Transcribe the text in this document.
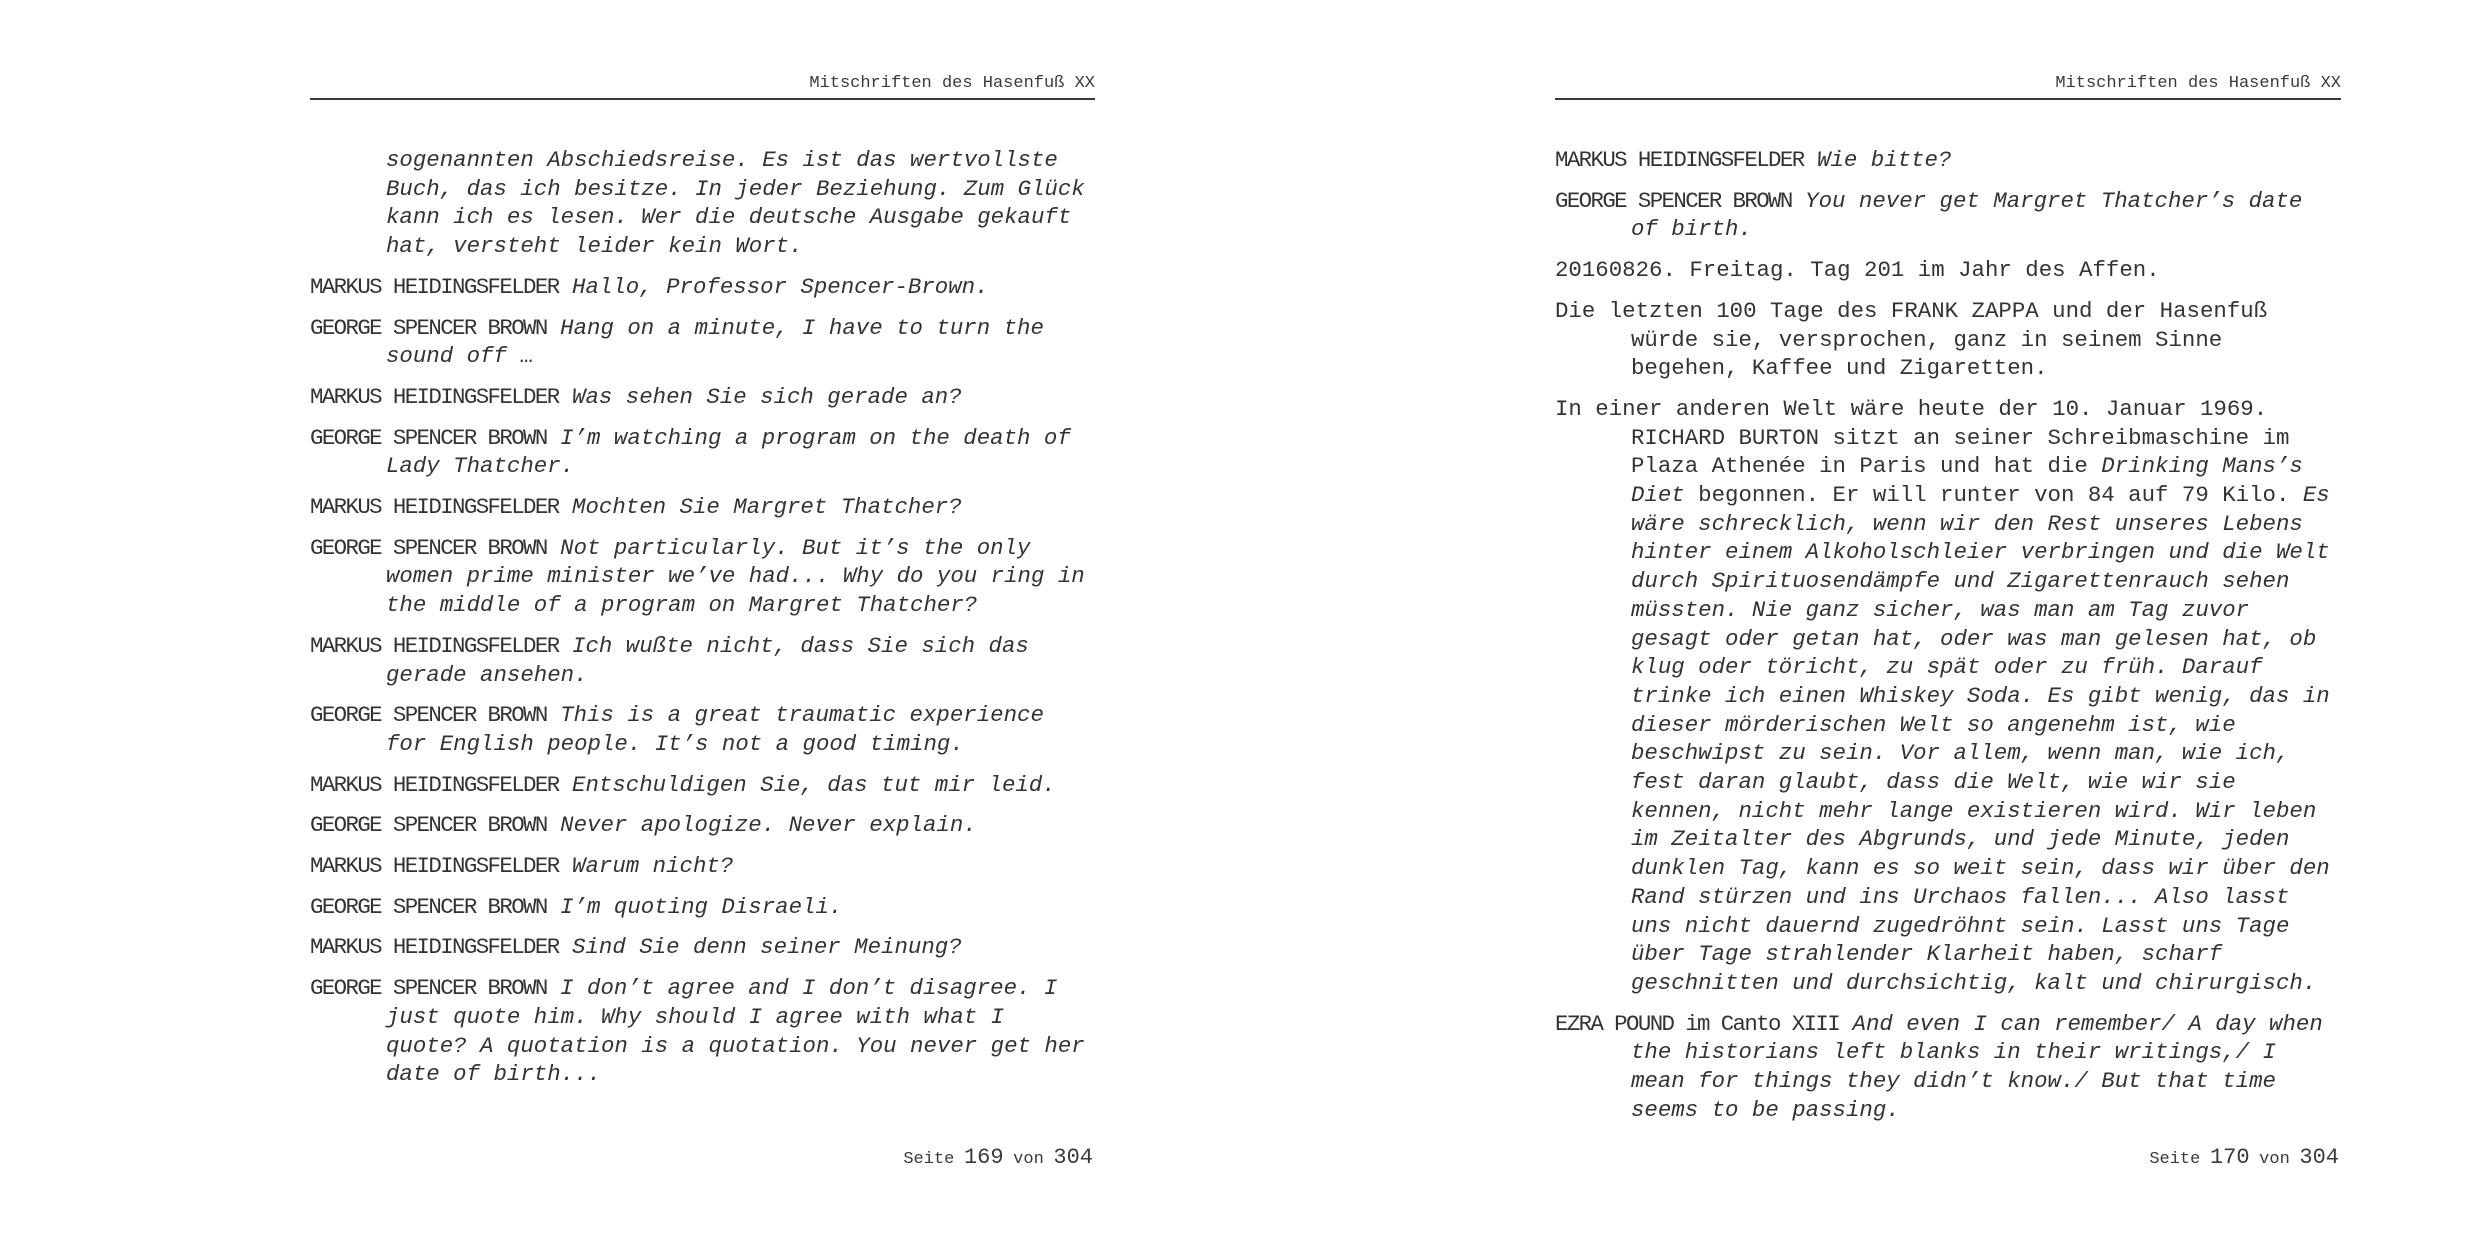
Mitschriften des Hasenfuß XX

sogenannten Abschiedsreise. Es ist das wertvollste Buch, das ich besitze. In jeder Beziehung. Zum Glück kann ich es lesen. Wer die deutsche Ausgabe gekauft hat, versteht leider kein Wort.

MARKUS HEIDINGSFELDER Hallo, Professor Spencer-Brown.

GEORGE SPENCER BROWN Hang on a minute, I have to turn the sound off …

MARKUS HEIDINGSFELDER Was sehen Sie sich gerade an?

GEORGE SPENCER BROWN I’m watching a program on the death of Lady Thatcher.

MARKUS HEIDINGSFELDER Mochten Sie Margret Thatcher?

GEORGE SPENCER BROWN Not particularly. But it’s the only women prime minister we’ve had... Why do you ring in the middle of a program on Margret Thatcher?

MARKUS HEIDINGSFELDER Ich wußte nicht, dass Sie sich das gerade ansehen.

GEORGE SPENCER BROWN This is a great traumatic experience for English people. It’s not a good timing.

MARKUS HEIDINGSFELDER Entschuldigen Sie, das tut mir leid.

GEORGE SPENCER BROWN Never apologize. Never explain.

MARKUS HEIDINGSFELDER Warum nicht?

GEORGE SPENCER BROWN I’m quoting Disraeli.

MARKUS HEIDINGSFELDER Sind Sie denn seiner Meinung?

GEORGE SPENCER BROWN I don’t agree and I don’t disagree. I just quote him. Why should I agree with what I quote? A quotation is a quotation. You never get her date of birth...

Seite 169 von 304
Mitschriften des Hasenfuß XX

MARKUS HEIDINGSFELDER Wie bitte?

GEORGE SPENCER BROWN You never get Margret Thatcher’s date of birth.

20160826. Freitag. Tag 201 im Jahr des Affen.

Die letzten 100 Tage des FRANK ZAPPA und der Hasenfuß würde sie, versprochen, ganz in seinem Sinne begehen, Kaffee und Zigaretten.

In einer anderen Welt wäre heute der 10. Januar 1969. RICHARD BURTON sitzt an seiner Schreibmaschine im Plaza Athenée in Paris und hat die Drinking Mans’s Diet begonnen. Er will runter von 84 auf 79 Kilo. Es wäre schrecklich, wenn wir den Rest unseres Lebens hinter einem Alkoholschleier verbringen und die Welt durch Spirituosendämpfe und Zigarettenrauch sehen müssten. Nie ganz sicher, was man am Tag zuvor gesagt oder getan hat, oder was man gelesen hat, ob klug oder töricht, zu spät oder zu früh. Darauf trinke ich einen Whiskey Soda. Es gibt wenig, das in dieser mörderischen Welt so angenehm ist, wie beschwipst zu sein. Vor allem, wenn man, wie ich, fest daran glaubt, dass die Welt, wie wir sie kennen, nicht mehr lange existieren wird. Wir leben im Zeitalter des Abgrunds, und jede Minute, jeden dunklen Tag, kann es so weit sein, dass wir über den Rand stürzen und ins Urchaos fallen... Also lasst uns nicht dauernd zugedröhnt sein. Lasst uns Tage über Tage strahlender Klarheit haben, scharf geschnitten und durchsichtig, kalt und chirurgisch.

EZRA POUND im Canto XIII And even I can remember/ A day when the historians left blanks in their writings,/ I mean for things they didn’t know./ But that time seems to be passing.

Seite 170 von 304
